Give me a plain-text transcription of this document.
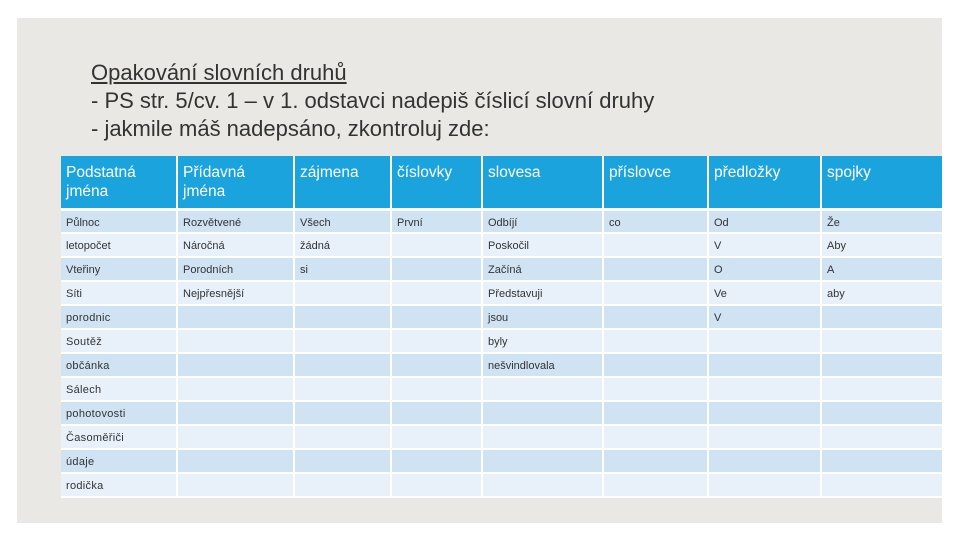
Opakování slovních druhů
- PS str. 5/cv. 1 – v 1. odstavci nadepiš číslicí slovní druhy
- jakmile máš nadepsáno, zkontroluj zde:
Podstatná jména	Přídavná jména	zájmena	číslovky	slovesa	příslovce	předložky	spojky
Půlnoc	Rozvětvené	Všech	První	Odbíjí	co	Od	Že
letopočet	Náročná	žádná		Poskočil		V	Aby
Vteřiny	Porodních	si		Začíná		O	A
Síti	Nejpřesnější			Představuji		Ve	aby
porodnic				jsou		V	
Soutěž				byly			
občánka				nešvindlovala			
Sálech							
pohotovosti							
Časoměřiči							
údaje							
rodička							
